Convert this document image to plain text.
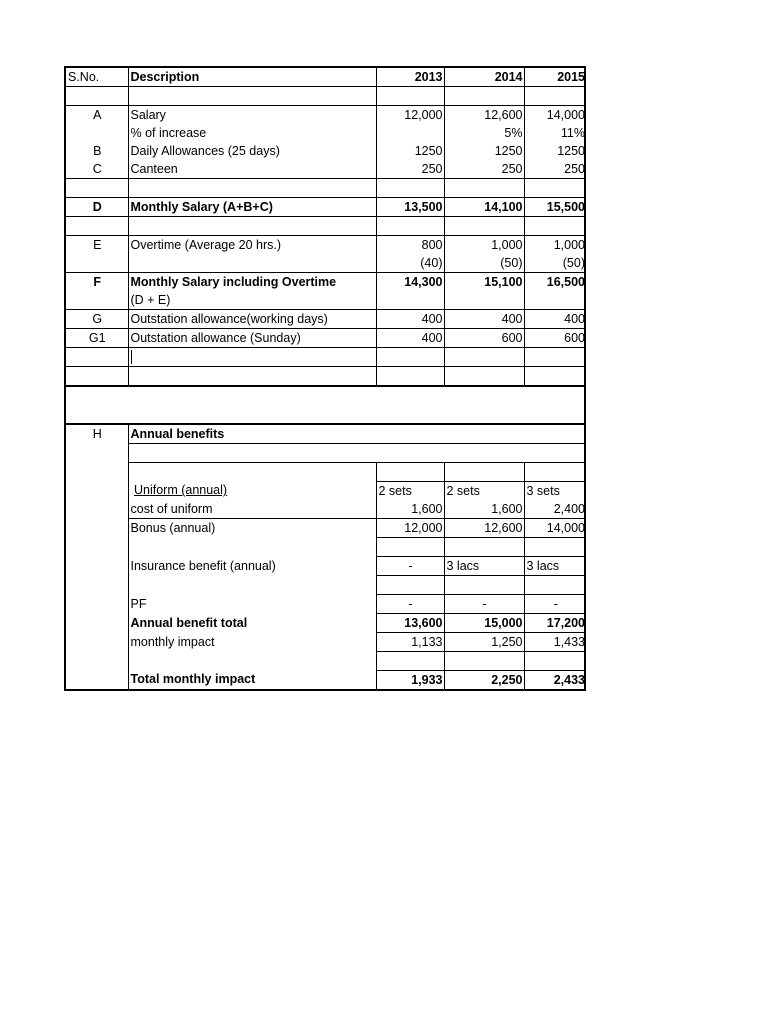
S.No.	Description	2013	2014	2015

A	Salary	12,000	12,600	14,000
	% of increase		5%	11%
B	Daily Allowances (25 days)	1250	1250	1250
C	Canteen	250	250	250

D	Monthly Salary (A+B+C)	13,500	14,100	15,500

E	Overtime (Average 20 hrs.)	800	1,000	1,000
		(40)	(50)	(50)
F	Monthly Salary including Overtime	14,300	15,100	16,500
	(D + E)			
G	Outstation allowance(working days)	400	400	400
G1	Outstation allowance (Sunday)	400	600	600

H	Annual benefits			

	Uniform (annual)	2 sets	2 sets	3 sets
	cost of uniform	1,600	1,600	2,400
	Bonus (annual)	12,000	12,600	14,000

	Insurance benefit (annual)	-	3 lacs	3 lacs

	PF	-	-	-
	Annual benefit total	13,600	15,000	17,200
	monthly impact	1,133	1,250	1,433

	Total monthly impact	1,933	2,250	2,433
